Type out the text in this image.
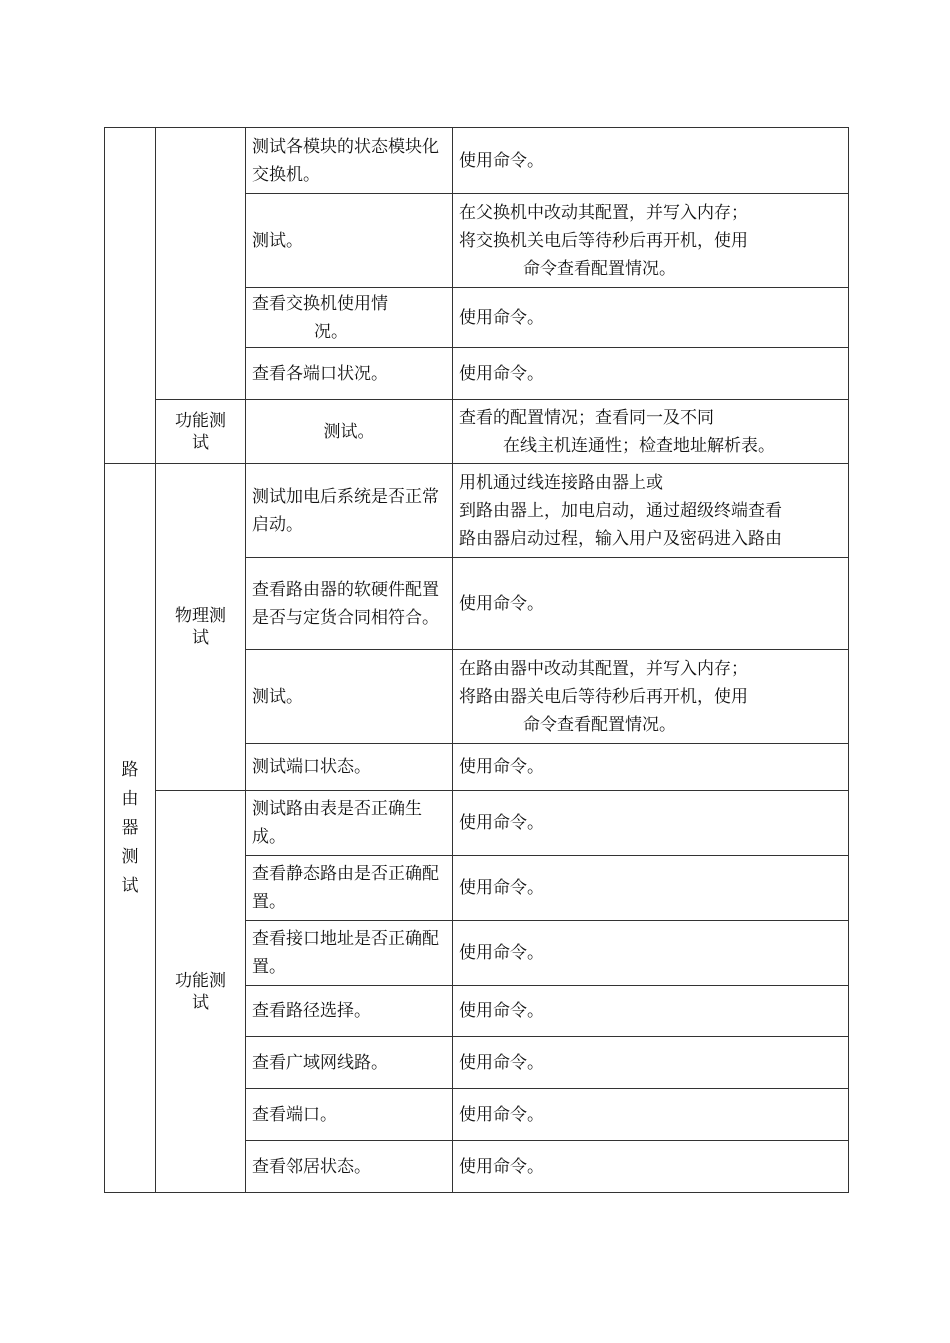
		测试各模块的状态模块化交换机。	使用命令。
		测试。	在父换机中改动其配置，并写入内存；
将交换机关电后等待秒后再开机，使用
命令查看配置情况。

		查看交换机使用情
况。	使用命令。
		查看各端口状况。	使用命令。
	功能测试	测试。	查看的配置情况；查看同一及不同
在线主机连通性；检查地址解析表。

路由器测试	物理测试	测试加电后系统是否正常启动。	用机通过线连接路由器上或
到路由器上，加电启动，通过超级终端查看
路由器启动过程，输入用户及密码进入路由

		查看路由器的软硬件配置是否与定货合同相符合。	使用命令。
		测试。	在路由器中改动其配置，并写入内存；
将路由器关电后等待秒后再开机，使用
命令查看配置情况。

		测试端口状态。	使用命令。
	功能测试	测试路由表是否正确生成。	使用命令。
		查看静态路由是否正确配置。	使用命令。
		查看接口地址是否正确配置。	使用命令。
		查看路径选择。	使用命令。
		查看广域网线路。	使用命令。
		查看端口。	使用命令。
		查看邻居状态。	使用命令。
